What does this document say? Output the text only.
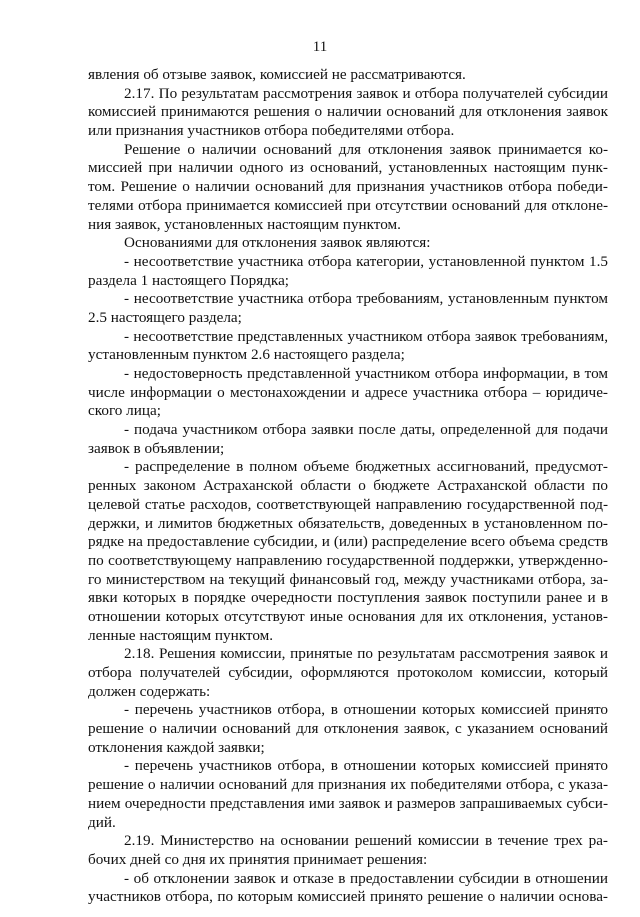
11
явления об отзыве заявок, комиссией не рассматриваются.
2.17. По результатам рассмотрения заявок и отбора получателей субсидии
комиссией принимаются решения о наличии оснований для отклонения заявок
или признания участников отбора победителями отбора.
Решение о наличии оснований для отклонения заявок принимается ко-
миссией при наличии одного из оснований, установленных настоящим пунк-
том. Решение о наличии оснований для признания участников отбора победи-
телями отбора принимается комиссией при отсутствии оснований для отклоне-
ния заявок, установленных настоящим пунктом.
Основаниями для отклонения заявок являются:
- несоответствие участника отбора категории, установленной пунктом 1.5
раздела 1 настоящего Порядка;
- несоответствие участника отбора требованиям, установленным пунктом
2.5 настоящего раздела;
- несоответствие представленных участником отбора заявок требованиям,
установленным пунктом 2.6 настоящего раздела;
- недостоверность представленной участником отбора информации, в том
числе информации о местонахождении и адресе участника отбора – юридиче-
ского лица;
- подача участником отбора заявки после даты, определенной для подачи
заявок в объявлении;
- распределение в полном объеме бюджетных ассигнований, предусмот-
ренных законом Астраханской области о бюджете Астраханской области по
целевой статье расходов, соответствующей направлению государственной под-
держки, и лимитов бюджетных обязательств, доведенных в установленном по-
рядке на предоставление субсидии, и (или) распределение всего объема средств
по соответствующему направлению государственной поддержки, утвержденно-
го министерством на текущий финансовый год, между участниками отбора, за-
явки которых в порядке очередности поступления заявок поступили ранее и в
отношении которых отсутствуют иные основания для их отклонения, установ-
ленные настоящим пунктом.
2.18. Решения комиссии, принятые по результатам рассмотрения заявок и
отбора получателей субсидии, оформляются протоколом комиссии, который
должен содержать:
- перечень участников отбора, в отношении которых комиссией принято
решение о наличии оснований для отклонения заявок, с указанием оснований
отклонения каждой заявки;
- перечень участников отбора, в отношении которых комиссией принято
решение о наличии оснований для признания их победителями отбора, с указа-
нием очередности представления ими заявок и размеров запрашиваемых субси-
дий.
2.19. Министерство на основании решений комиссии в течение трех ра-
бочих дней со дня их принятия принимает решения:
- об отклонении заявок и отказе в предоставлении субсидии в отношении
участников отбора, по которым комиссией принято решение о наличии основа-
